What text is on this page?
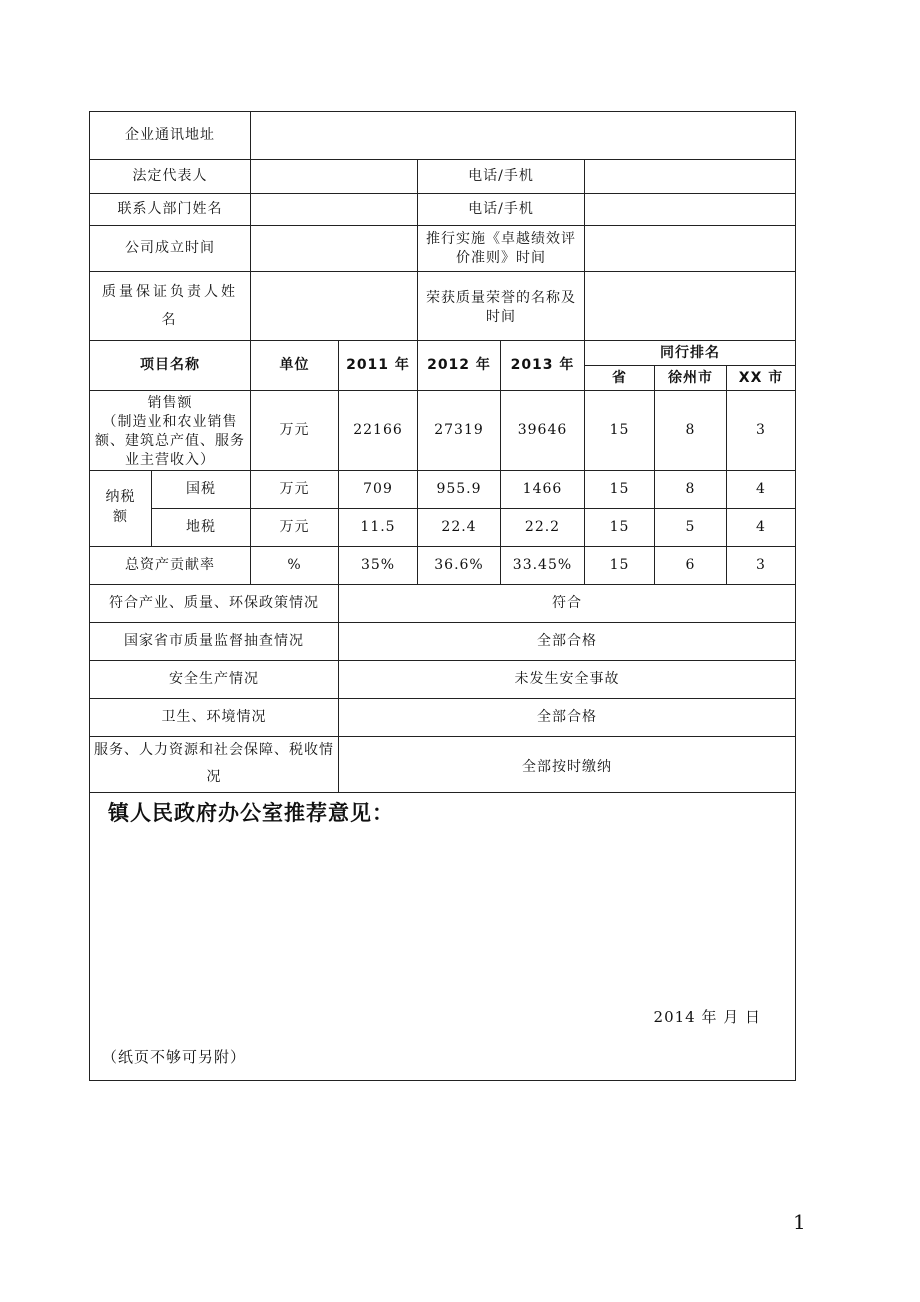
企业通讯地址								
法定代表人				电话/手机				
联系人部门姓名				电话/手机				
公司成立时间				推行实施《卓越绩效评价准则》时间				
质量保证负责人姓名				荣获质量荣誉的名称及时间				
项目名称		单位	2011 年	2012 年	2013 年	同行排名		
						省	徐州市	XX 市

销售额
（制造业和农业销售额、建筑总产值、服务业主营收入）		万元	22166	27319	39646	15	8	3
纳税额	国税	万元	709	955.9	1466	15	8	4
	地税	万元	11.5	22.4	22.2	15	5	4
总资产贡献率		%	35%	36.6%	33.45%	15	6	3
符合产业、质量、环保政策情况			符合					
国家省市质量监督抽查情况			全部合格					
安全生产情况			未发生安全事故					
卫生、环境情况			全部合格					
服务、人力资源和社会保障、税收情况			全部按时缴纳					

镇人民政府办公室推荐意见：
2014 年 月 日
（纸页不够可另附）								
1
